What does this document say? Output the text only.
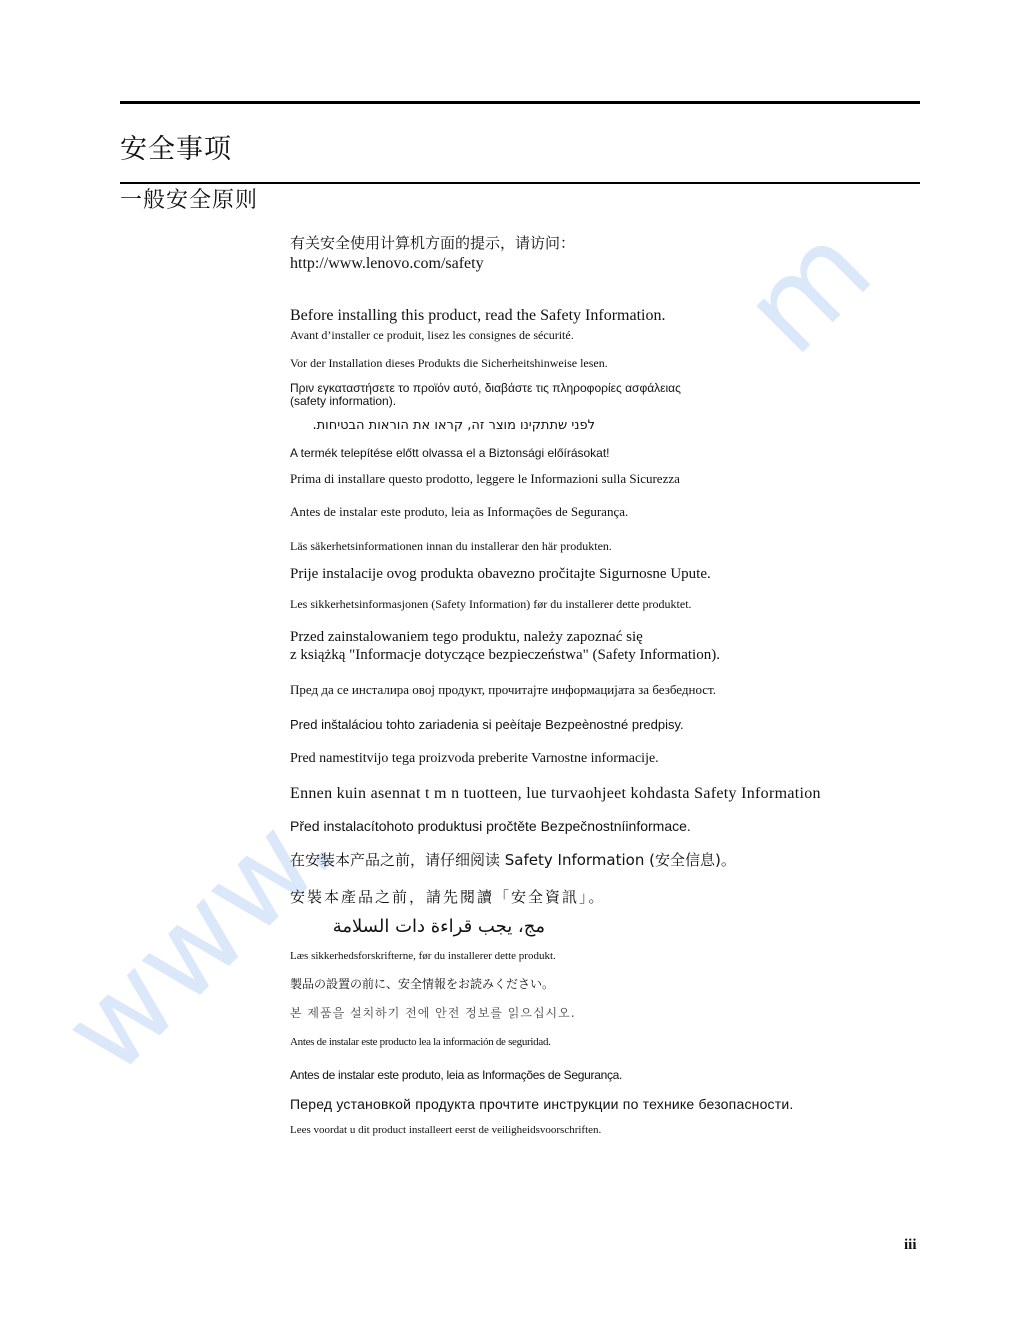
www.
m
安全事项
一般安全原则
有关安全使用计算机方面的提示，请访问：
http://www.lenovo.com/safety
Before installing this product, read the Safety Information.
Avant d’installer ce produit, lisez les consignes de sécurité.
Vor der Installation dieses Produkts die Sicherheitshinweise lesen.
Πριν εγκαταστήσετε το προϊόν αυτό, διαβάστε τις πληροφορίες ασφάλειας
(safety information).
לפני שתתקינו מוצר זה, קראו את הוראות הבטיחות.
A termék telepítése előtt olvassa el a Biztonsági előírásokat!
Prima di installare questo prodotto, leggere le Informazioni sulla Sicurezza
Antes de instalar este produto, leia as Informações de Segurança.
Läs säkerhetsinformationen innan du installerar den här produkten.
Prije instalacije ovog produkta obavezno pročitajte Sigurnosne Upute.
Les sikkerhetsinformasjonen (Safety Information) før du installerer dette produktet.
Przed zainstalowaniem tego produktu, należy zapoznać się
z książką "Informacje dotyczące bezpieczeństwa" (Safety Information).
Пред да се инсталира овој продукт, прочитајте информацијата за безбедност.
Pred inštaláciou tohto zariadenia si peèítaje Bezpeènostné predpisy.
Pred namestitvijo tega proizvoda preberite Varnostne informacije.
Ennen kuin asennat t m n tuotteen, lue turvaohjeet kohdasta Safety Information
Před instalacítohoto produktusi pročtěte Bezpečnostníinformace.
在安装本产品之前，请仔细阅读 Safety Information (安全信息)。
安裝本產品之前，請先閱讀「安全資訊」。
مج، يجب قراءة دات السلامة
Læs sikkerhedsforskrifterne, før du installerer dette produkt.
製品の設置の前に、安全情報をお読みください。
본 제품을 설치하기 전에 안전 정보를 읽으십시오.
Antes de instalar este producto lea la información de seguridad.
Antes de instalar este produto, leia as Informações de Segurança.
Перед установкой продукта прочтите инструкции по технике безопасности.
Lees voordat u dit product installeert eerst de veiligheidsvoorschriften.
iii
